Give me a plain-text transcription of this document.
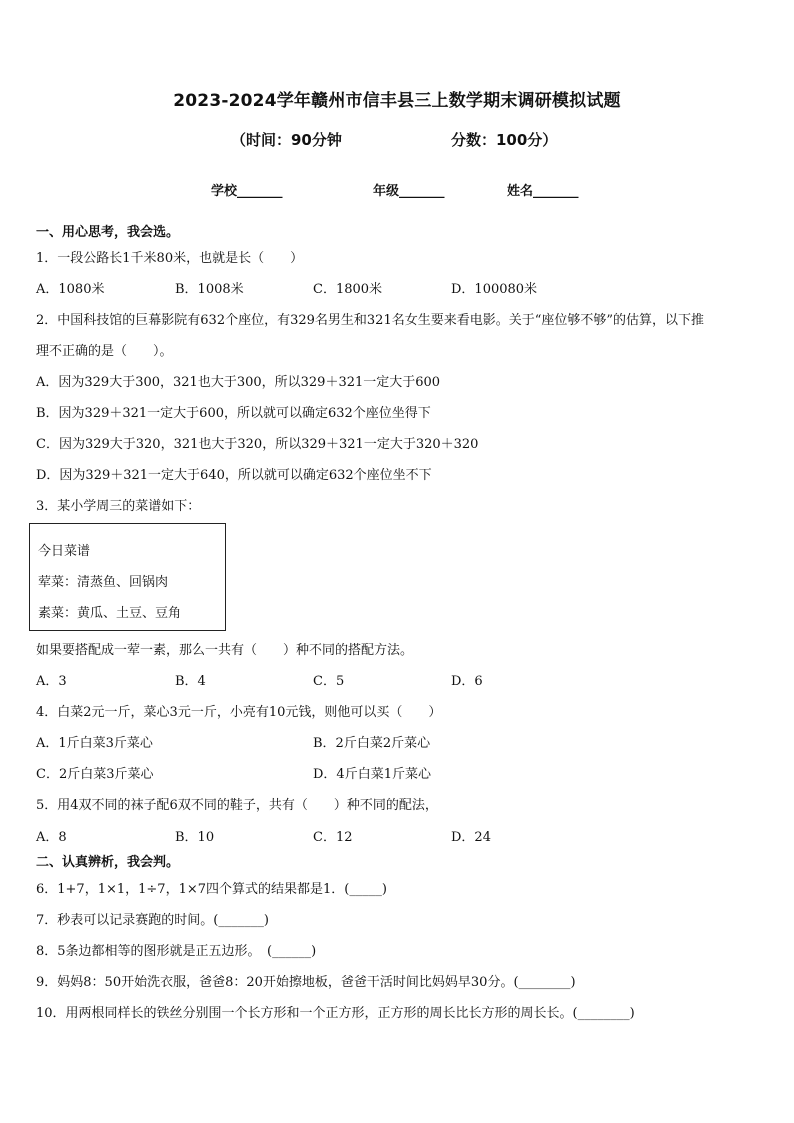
2023-2024学年赣州市信丰县三上数学期末调研模拟试题
（时间：90分钟	分数：100分）
学校_______	年级_______	姓名_______
一、用心思考，我会选。
1．一段公路长1千米80米，也就是长（　　）
A．1080米	B．1008米	C．1800米	D．100080米
2．中国科技馆的巨幕影院有632个座位，有329名男生和321名女生要来看电影。关于“座位够不够”的估算，以下推
理不正确的是（　　）。
A．因为329大于300，321也大于300，所以329＋321一定大于600
B．因为329＋321一定大于600，所以就可以确定632个座位坐得下
C．因为329大于320，321也大于320，所以329＋321一定大于320＋320
D．因为329＋321一定大于640，所以就可以确定632个座位坐不下
3．某小学周三的菜谱如下：
今日菜谱
荤菜：清蒸鱼、回锅肉
素菜：黄瓜、土豆、豆角
如果要搭配成一荤一素，那么一共有（　　）种不同的搭配方法。
A．3	B．4	C．5	D．6
4．白菜2元一斤，菜心3元一斤，小亮有10元钱，则他可以买（　　）
A．1斤白菜3斤菜心	B．2斤白菜2斤菜心
C．2斤白菜3斤菜心	D．4斤白菜1斤菜心
5．用4双不同的袜子配6双不同的鞋子，共有（　　）种不同的配法，
A．8	B．10	C．12	D．24
二、认真辨析，我会判。
6．1+7，1×1，1÷7，1×7四个算式的结果都是1．(_____)
7．秒表可以记录赛跑的时间。(_______)
8．5条边都相等的图形就是正五边形。　(______)
9．妈妈8：50开始洗衣服，爸爸8：20开始擦地板，爸爸干活时间比妈妈早30分。(________)
10．用两根同样长的铁丝分别围一个长方形和一个正方形，正方形的周长比长方形的周长长。(________)
